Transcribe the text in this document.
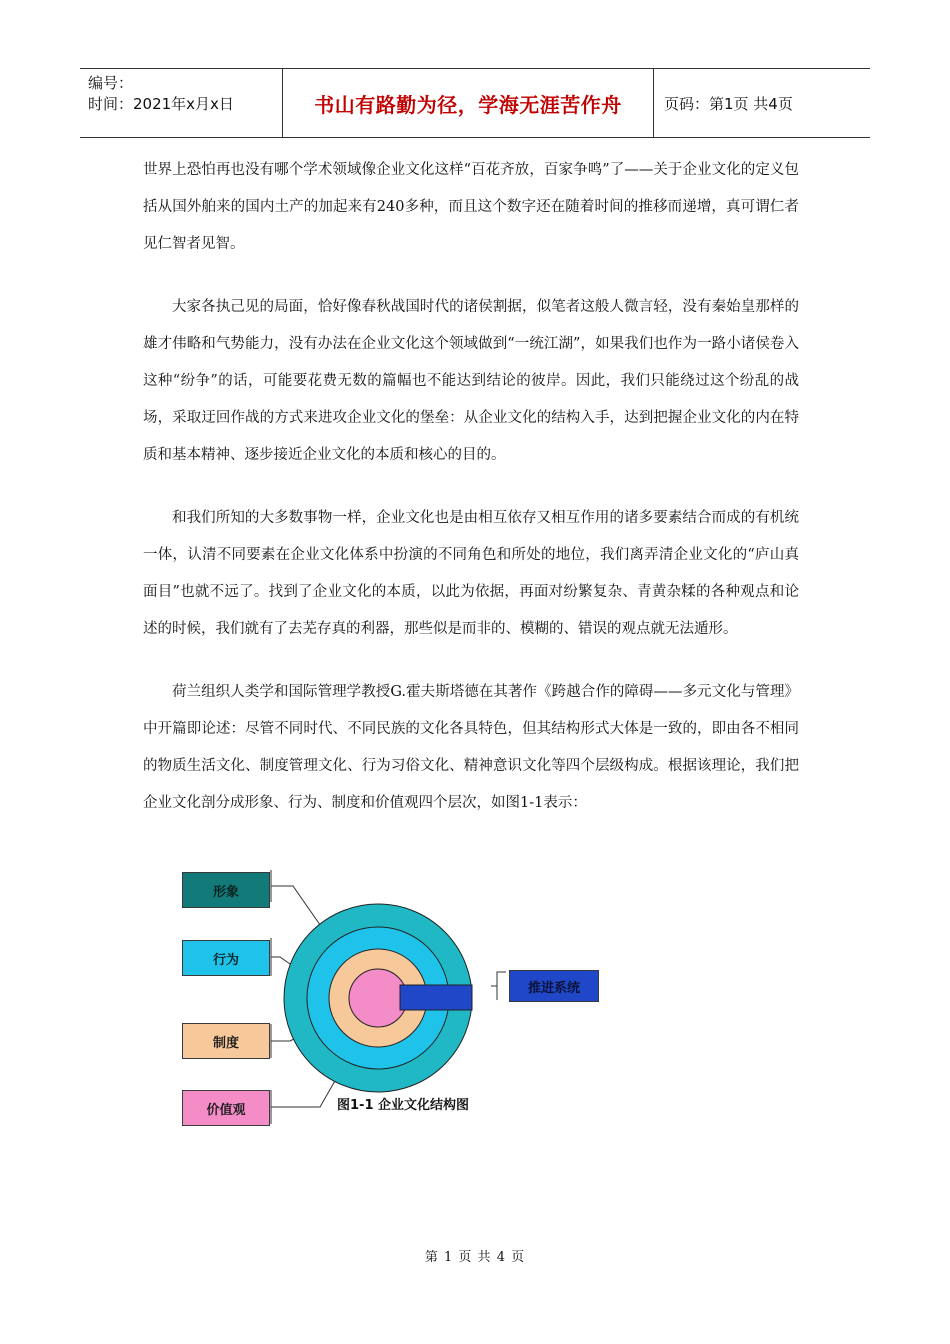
编号：
时间：2021年x月x日	书山有路勤为径，学海无涯苦作舟	页码：第1页 共4页

世界上恐怕再也没有哪个学术领域像企业文化这样“百花齐放，百家争鸣”了——关于企业文化的定义包括从国外舶来的国内土产的加起来有240多种，而且这个数字还在随着时间的推移而递增，真可谓仁者见仁智者见智。

大家各执己见的局面，恰好像春秋战国时代的诸侯割据，似笔者这般人微言轻，没有秦始皇那样的雄才伟略和气势能力，没有办法在企业文化这个领域做到“一统江湖”，如果我们也作为一路小诸侯卷入这种“纷争”的话，可能要花费无数的篇幅也不能达到结论的彼岸。因此，我们只能绕过这个纷乱的战场，采取迂回作战的方式来进攻企业文化的堡垒：从企业文化的结构入手，达到把握企业文化的内在特质和基本精神、逐步接近企业文化的本质和核心的目的。

和我们所知的大多数事物一样，企业文化也是由相互依存又相互作用的诸多要素结合而成的有机统一体，认清不同要素在企业文化体系中扮演的不同角色和所处的地位，我们离弄清企业文化的“庐山真面目”也就不远了。找到了企业文化的本质，以此为依据，再面对纷繁复杂、青黄杂糅的各种观点和论述的时候，我们就有了去芜存真的利器，那些似是而非的、模糊的、错误的观点就无法遁形。

荷兰组织人类学和国际管理学教授G.霍夫斯塔德在其著作《跨越合作的障碍——多元文化与管理》中开篇即论述：尽管不同时代、不同民族的文化各具特色，但其结构形式大体是一致的，即由各不相同的物质生活文化、制度管理文化、行为习俗文化、精神意识文化等四个层级构成。根据该理论，我们把企业文化剖分成形象、行为、制度和价值观四个层次，如图1-1表示：

形象
行为
制度
价值观
推进系统
图1-1 企业文化结构图
第 1 页 共 4 页
